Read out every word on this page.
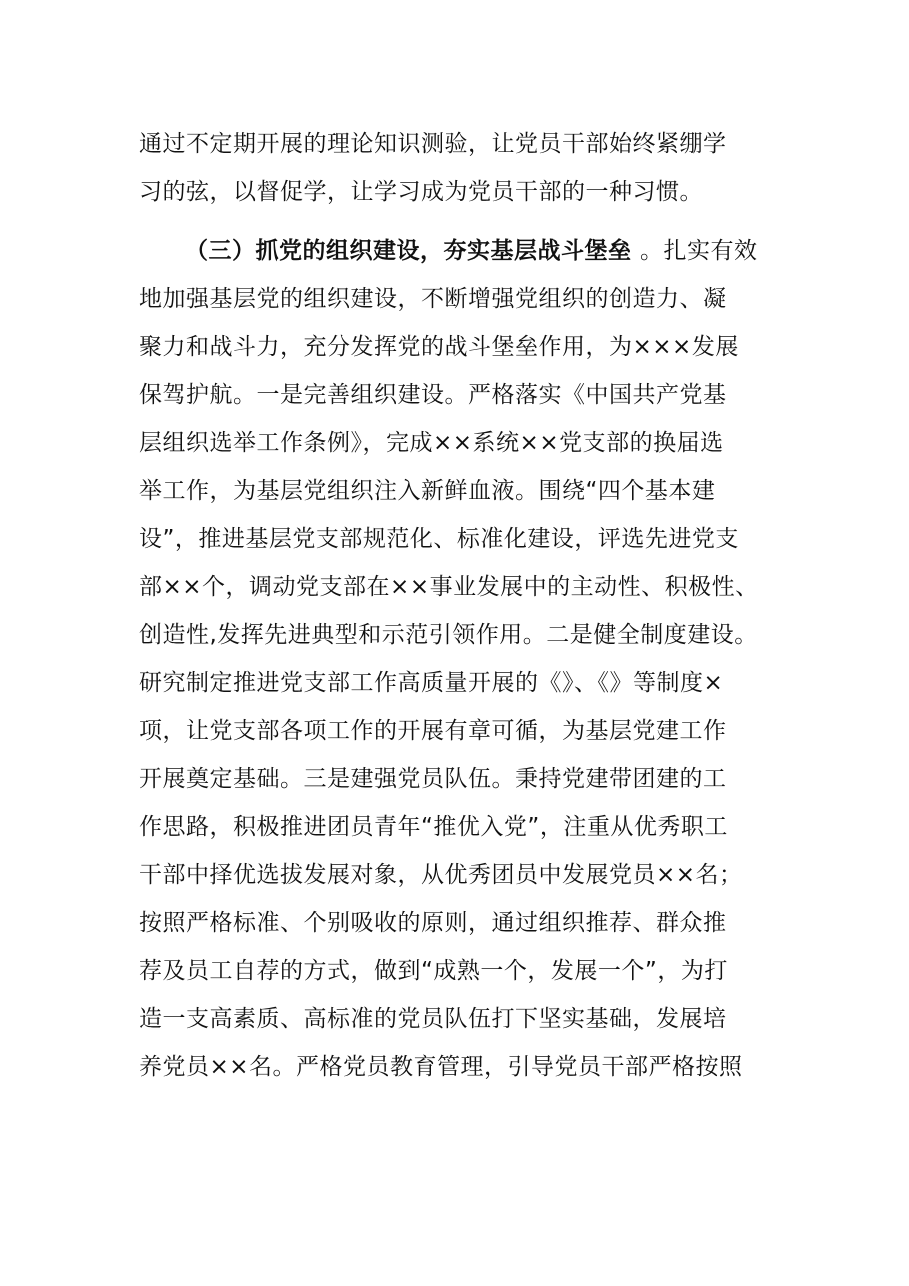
通过不定期开展的理论知识测验，让党员干部始终紧绷学
习的弦，以督促学，让学习成为党员干部的一种习惯。
（三）抓党的组织建设，夯实基层战斗堡垒 。扎实有效
地加强基层党的组织建设，不断增强党组织的创造力、凝
聚力和战斗力，充分发挥党的战斗堡垒作用，为×××发展
保驾护航。一是完善组织建设。严格落实《中国共产党基
层组织选举工作条例》，完成××系统××党支部的换届选
举工作，为基层党组织注入新鲜血液。围绕“四个基本建
设”，推进基层党支部规范化、标准化建设，评选先进党支
部××个，调动党支部在××事业发展中的主动性、积极性、
创造性,发挥先进典型和示范引领作用。二是健全制度建设。
研究制定推进党支部工作高质量开展的《》、《》等制度×
项，让党支部各项工作的开展有章可循，为基层党建工作
开展奠定基础。三是建强党员队伍。秉持党建带团建的工
作思路，积极推进团员青年“推优入党”，注重从优秀职工
干部中择优选拔发展对象，从优秀团员中发展党员××名；
按照严格标准、个别吸收的原则，通过组织推荐、群众推
荐及员工自荐的方式，做到“成熟一个，发展一个”，为打
造一支高素质、高标准的党员队伍打下坚实基础，发展培
养党员××名。严格党员教育管理，引导党员干部严格按照
